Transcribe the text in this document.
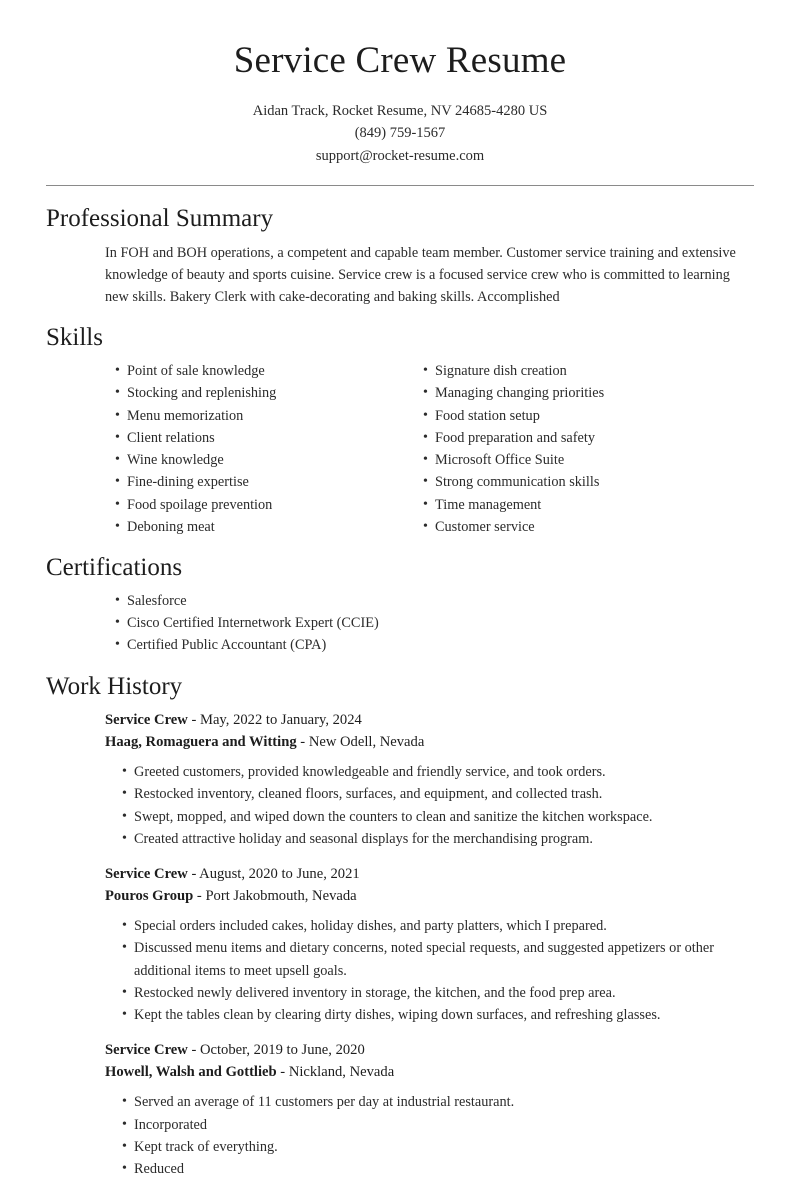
Service Crew Resume
Aidan Track, Rocket Resume, NV 24685-4280 US
(849) 759-1567
support@rocket-resume.com
Professional Summary

In FOH and BOH operations, a competent and capable team member. Customer service training and extensive knowledge of beauty and sports cuisine. Service crew is a focused service crew who is committed to learning new skills. Bakery Clerk with cake-decorating and baking skills. Accomplished

Skills
• Point of sale knowledge
• Stocking and replenishing
• Menu memorization
• Client relations
• Wine knowledge
• Fine-dining expertise
• Food spoilage prevention
• Deboning meat
• Signature dish creation
• Managing changing priorities
• Food station setup
• Food preparation and safety
• Microsoft Office Suite
• Strong communication skills
• Time management
• Customer service
Certifications
• Salesforce
• Cisco Certified Internetwork Expert (CCIE)
• Certified Public Accountant (CPA)
Work History
Service Crew - May, 2022 to January, 2024
Haag, Romaguera and Witting - New Odell, Nevada
• Greeted customers, provided knowledgeable and friendly service, and took orders.
• Restocked inventory, cleaned floors, surfaces, and equipment, and collected trash.
• Swept, mopped, and wiped down the counters to clean and sanitize the kitchen workspace.
• Created attractive holiday and seasonal displays for the merchandising program.
Service Crew - August, 2020 to June, 2021
Pouros Group - Port Jakobmouth, Nevada
• Special orders included cakes, holiday dishes, and party platters, which I prepared.
• Discussed menu items and dietary concerns, noted special requests, and suggested appetizers or other additional items to meet upsell goals.
• Restocked newly delivered inventory in storage, the kitchen, and the food prep area.
• Kept the tables clean by clearing dirty dishes, wiping down surfaces, and refreshing glasses.
Service Crew - October, 2019 to June, 2020
Howell, Walsh and Gottlieb - Nickland, Nevada
• Served an average of 11 customers per day at industrial restaurant.
• Incorporated
• Kept track of everything.
• Reduced
